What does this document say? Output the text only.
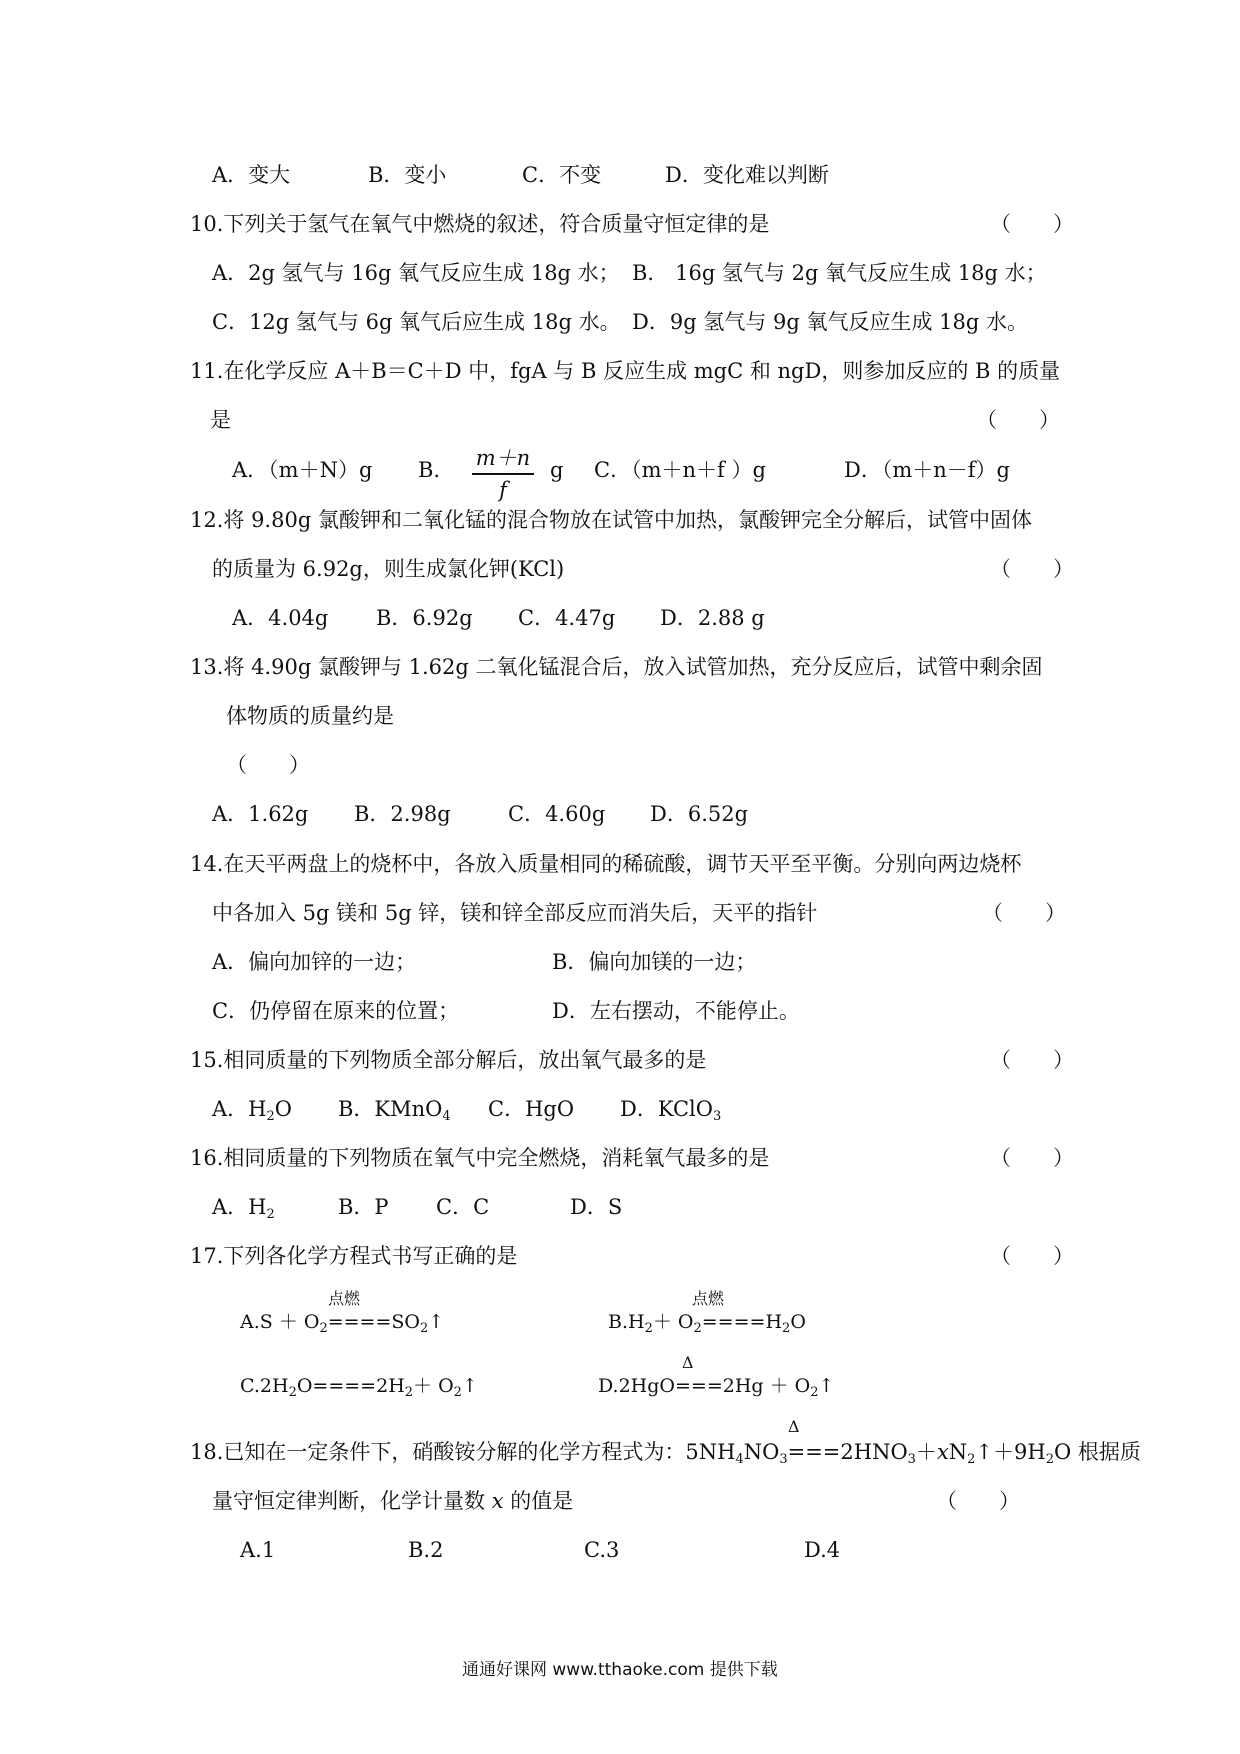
A．变大	B．变小	C．不变	D．变化难以判断
10.下列关于氢气在氧气中燃烧的叙述，符合质量守恒定律的是	（　　）
A．2g 氢气与 16g 氧气反应生成 18g 水； B． 16g 氢气与 2g 氧气反应生成 18g 水；
C．12g 氢气与 6g 氧气后应生成 18g 水。 D．9g 氢气与 9g 氧气反应生成 18g 水。
11.在化学反应 A＋B＝C＋D 中，fgA 与 B 反应生成 mgC 和 ngD，则参加反应的 B 的质量
是	（　　）
A．（m＋N）g B.	m＋n
f
g C．（m＋n＋f ）g	D．（m＋n－f）g
12.将 9.80g 氯酸钾和二氧化锰的混合物放在试管中加热，氯酸钾完全分解后，试管中固体
的质量为 6.92g，则生成氯化钾(KCl)	（　　）
A．4.04g B．6.92g C．4.47g D．2.88 g
13.将 4.90g 氯酸钾与 1.62g 二氧化锰混合后，放入试管加热，充分反应后，试管中剩余固
体物质的质量约是
（　　）
A．1.62g B．2.98g	C．4.60g D．6.52g
14.在天平两盘上的烧杯中，各放入质量相同的稀硫酸，调节天平至平衡。分别向两边烧杯
中各加入 5g 镁和 5g 锌，镁和锌全部反应而消失后，天平的指针	（　　）
A．偏向加锌的一边；	B．偏向加镁的一边；
C．仍停留在原来的位置；	D．左右摆动，不能停止。
15.相同质量的下列物质全部分解后，放出氧气最多的是	（　　）
A．$H_2O$ B．KMnO$_4$ C．HgO D．KClO$_3$
16.相同质量的下列物质在氧气中完全燃烧，消耗氧气最多的是	（　　）
A．$H_2$	B．P C．C	D．S
17.下列各化学方程式书写正确的是	（　　）
点燃
$A.S + O_2====SO_2↑$
点燃
$B.H_2+ O_2====H_2O$
$C.2H_2O====2H_2+$ $O_2↑$
Δ
$D.2HgO===2Hg + O_2↑$
Δ
18.已知在一定条件下，硝酸铵分解的化学方程式为：$5NH_4NO_3===2HNO_3+xN_2↑+9H_2O$ 根据质
量守恒定律判断，化学计量数 x 的值是	（　　）
A.1	B.2	C.3	D.4
通通好课网 www.tthaoke.com 提供下载
